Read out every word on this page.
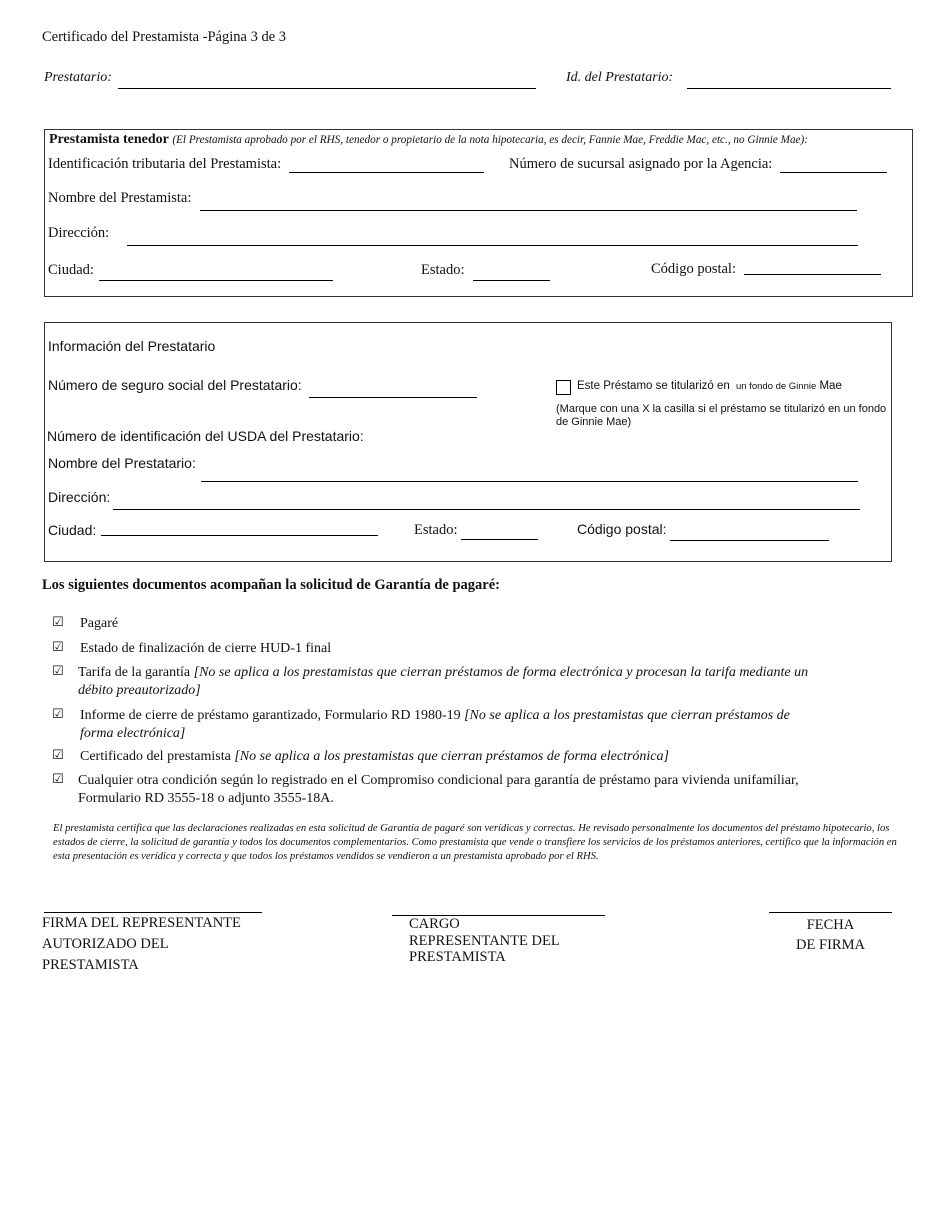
Certificado del Prestamista -Página 3 de 3
Prestatario:	Id. del Prestatario:
Prestamista tenedor (El Prestamista aprobado por el RHS, tenedor o propietario de la nota hipotecaria, es decir, Fannie Mae, Freddie Mac, etc., no Ginnie Mae):
Identificación tributaria del Prestamista:	Número de sucursal asignado por la Agencia:
Nombre del Prestamista:
Dirección:
Ciudad:	Estado:	Código postal:
Información del Prestatario
Número de seguro social del Prestatario:	Este Préstamo se titularizó en un fondo de Ginnie Mae
(Marque con una X la casilla si el préstamo se titularizó en un fondo de Ginnie Mae)
Número de identificación del USDA del Prestatario:
Nombre del Prestatario:
Dirección:
Ciudad:	Estado:	Código postal:
Los siguientes documentos acompañan la solicitud de Garantía de pagaré:
☑ Pagaré
☑ Estado de finalización de cierre HUD-1 final
☑ Tarifa de la garantía [No se aplica a los prestamistas que cierran préstamos de forma electrónica y procesan la tarifa mediante un débito preautorizado]
☑ Informe de cierre de préstamo garantizado, Formulario RD 1980-19 [No se aplica a los prestamistas que cierran préstamos de forma electrónica]
☑ Certificado del prestamista [No se aplica a los prestamistas que cierran préstamos de forma electrónica]
☑ Cualquier otra condición según lo registrado en el Compromiso condicional para garantía de préstamo para vivienda unifamiliar, Formulario RD 3555-18 o adjunto 3555-18A.
El prestamista certifica que las declaraciones realizadas en esta solicitud de Garantía de pagaré son verídicas y correctas. He revisado personalmente los documentos del préstamo hipotecario, los estados de cierre, la solicitud de garantía y todos los documentos complementarios. Como prestamista que vende o transfiere los servicios de los préstamos anteriores, certifico que la información en esta presentación es verídica y correcta y que todos los préstamos vendidos se vendieron a un prestamista aprobado por el RHS.
FIRMA DEL REPRESENTANTE
AUTORIZADO DEL
PRESTAMISTA
CARGO
REPRESENTANTE DEL
PRESTAMISTA
FECHA
DE FIRMA
